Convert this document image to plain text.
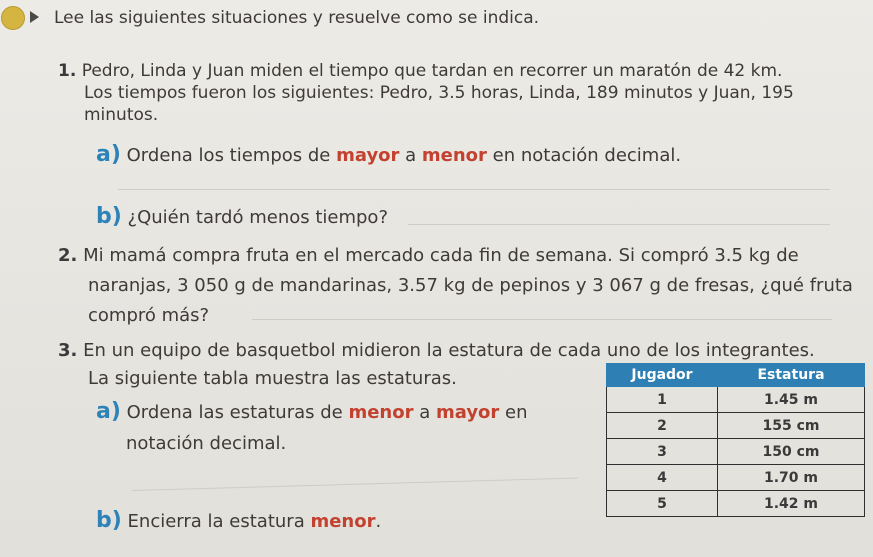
Lee las siguientes situaciones y resuelve como se indica.
1. Pedro, Linda y Juan miden el tiempo que tardan en recorrer un maratón de 42 km.
Los tiempos fueron los siguientes: Pedro, 3.5 horas, Linda, 189 minutos y Juan, 195
minutos.
a) Ordena los tiempos de mayor a menor en notación decimal.
b) ¿Quién tardó menos tiempo?
2. Mi mamá compra fruta en el mercado cada fin de semana. Si compró 3.5 kg de
naranjas, 3 050 g de mandarinas, 3.57 kg de pepinos y 3 067 g de fresas, ¿qué fruta
compró más?
3. En un equipo de basquetbol midieron la estatura de cada uno de los integrantes.
La siguiente tabla muestra las estaturas.
a) Ordena las estaturas de menor a mayor en
notación decimal.
b) Encierra la estatura menor.
Jugador	Estatura
1	1.45 m
2	155 cm
3	150 cm
4	1.70 m
5	1.42 m
